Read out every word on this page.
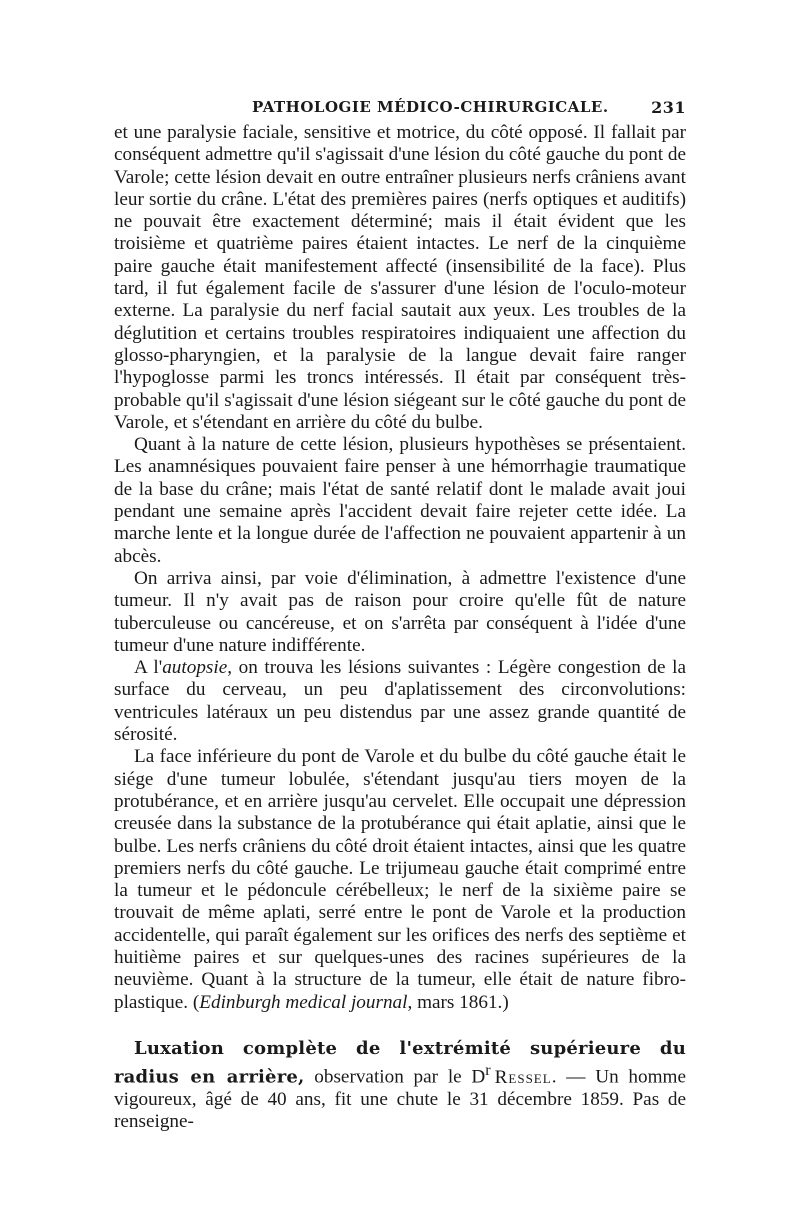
PATHOLOGIE MÉDICO-CHIRURGICALE.	231

et une paralysie faciale, sensitive et motrice, du côté opposé. Il fallait par conséquent admettre qu'il s'agissait d'une lésion du côté gauche du pont de Varole; cette lésion devait en outre entraîner plusieurs nerfs crâniens avant leur sortie du crâne. L'état des premières paires (nerfs optiques et auditifs) ne pouvait être exactement déterminé; mais il était évident que les troisième et quatrième paires étaient intactes. Le nerf de la cinquième paire gauche était manifestement affecté (insensibilité de la face). Plus tard, il fut également facile de s'assurer d'une lésion de l'oculo-moteur externe. La paralysie du nerf facial sautait aux yeux. Les troubles de la déglutition et certains troubles respiratoires indiquaient une affection du glosso-pharyngien, et la paralysie de la langue devait faire ranger l'hypoglosse parmi les troncs intéressés. Il était par conséquent très-probable qu'il s'agissait d'une lésion siégeant sur le côté gauche du pont de Varole, et s'étendant en arrière du côté du bulbe.

Quant à la nature de cette lésion, plusieurs hypothèses se présentaient. Les anamnésiques pouvaient faire penser à une hémorrhagie traumatique de la base du crâne; mais l'état de santé relatif dont le malade avait joui pendant une semaine après l'accident devait faire rejeter cette idée. La marche lente et la longue durée de l'affection ne pouvaient appartenir à un abcès.

On arriva ainsi, par voie d'élimination, à admettre l'existence d'une tumeur. Il n'y avait pas de raison pour croire qu'elle fût de nature tuberculeuse ou cancéreuse, et on s'arrêta par conséquent à l'idée d'une tumeur d'une nature indifférente.

A l'autopsie, on trouva les lésions suivantes : Légère congestion de la surface du cerveau, un peu d'aplatissement des circonvolutions: ventricules latéraux un peu distendus par une assez grande quantité de sérosité.

La face inférieure du pont de Varole et du bulbe du côté gauche était le siége d'une tumeur lobulée, s'étendant jusqu'au tiers moyen de la protubérance, et en arrière jusqu'au cervelet. Elle occupait une dépression creusée dans la substance de la protubérance qui était aplatie, ainsi que le bulbe. Les nerfs crâniens du côté droit étaient intactes, ainsi que les quatre premiers nerfs du côté gauche. Le trijumeau gauche était comprimé entre la tumeur et le pédoncule cérébelleux; le nerf de la sixième paire se trouvait de même aplati, serré entre le pont de Varole et la production accidentelle, qui paraît également sur les orifices des nerfs des septième et huitième paires et sur quelques-unes des racines supérieures de la neuvième. Quant à la structure de la tumeur, elle était de nature fibro-plastique. (Edinburgh medical journal, mars 1861.)

Luxation complète de l'extrémité supérieure du radius en arrière, observation par le $D^r$ Ressel. — Un homme vigoureux, âgé de 40 ans, fit une chute le 31 décembre 1859. Pas de renseigne-
